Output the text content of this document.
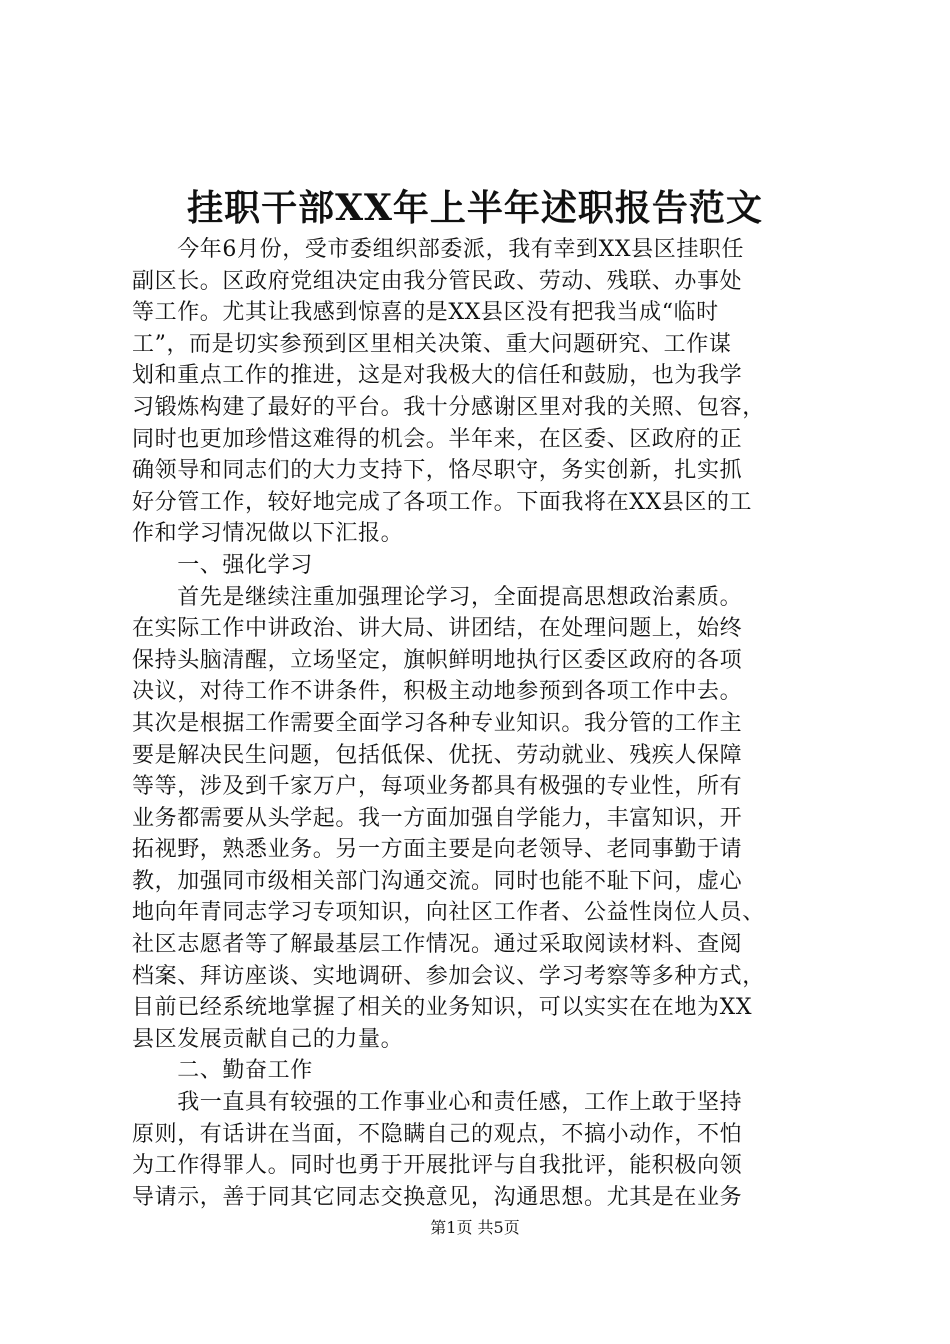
挂职干部XX年上半年述职报告范文
　　今年6月份，受市委组织部委派，我有幸到XX县区挂职任
副区长。区政府党组决定由我分管民政、劳动、残联、办事处
等工作。尤其让我感到惊喜的是XX县区没有把我当成“临时
工”，而是切实参预到区里相关决策、重大问题研究、工作谋
划和重点工作的推进，这是对我极大的信任和鼓励，也为我学
习锻炼构建了最好的平台。我十分感谢区里对我的关照、包容，
同时也更加珍惜这难得的机会。半年来，在区委、区政府的正
确领导和同志们的大力支持下，恪尽职守，务实创新，扎实抓
好分管工作，较好地完成了各项工作。下面我将在XX县区的工
作和学习情况做以下汇报。
　　一、强化学习
　　首先是继续注重加强理论学习，全面提高思想政治素质。
在实际工作中讲政治、讲大局、讲团结，在处理问题上，始终
保持头脑清醒，立场坚定，旗帜鲜明地执行区委区政府的各项
决议，对待工作不讲条件，积极主动地参预到各项工作中去。
其次是根据工作需要全面学习各种专业知识。我分管的工作主
要是解决民生问题，包括低保、优抚、劳动就业、残疾人保障
等等，涉及到千家万户，每项业务都具有极强的专业性，所有
业务都需要从头学起。我一方面加强自学能力，丰富知识，开
拓视野，熟悉业务。另一方面主要是向老领导、老同事勤于请
教，加强同市级相关部门沟通交流。同时也能不耻下问，虚心
地向年青同志学习专项知识，向社区工作者、公益性岗位人员、
社区志愿者等了解最基层工作情况。通过采取阅读材料、查阅
档案、拜访座谈、实地调研、参加会议、学习考察等多种方式，
目前已经系统地掌握了相关的业务知识，可以实实在在地为XX
县区发展贡献自己的力量。
　　二、勤奋工作
　　我一直具有较强的工作事业心和责任感，工作上敢于坚持
原则，有话讲在当面，不隐瞒自己的观点，不搞小动作，不怕
为工作得罪人。同时也勇于开展批评与自我批评，能积极向领
导请示，善于同其它同志交换意见，沟通思想。尤其是在业务
第1页 共5页
